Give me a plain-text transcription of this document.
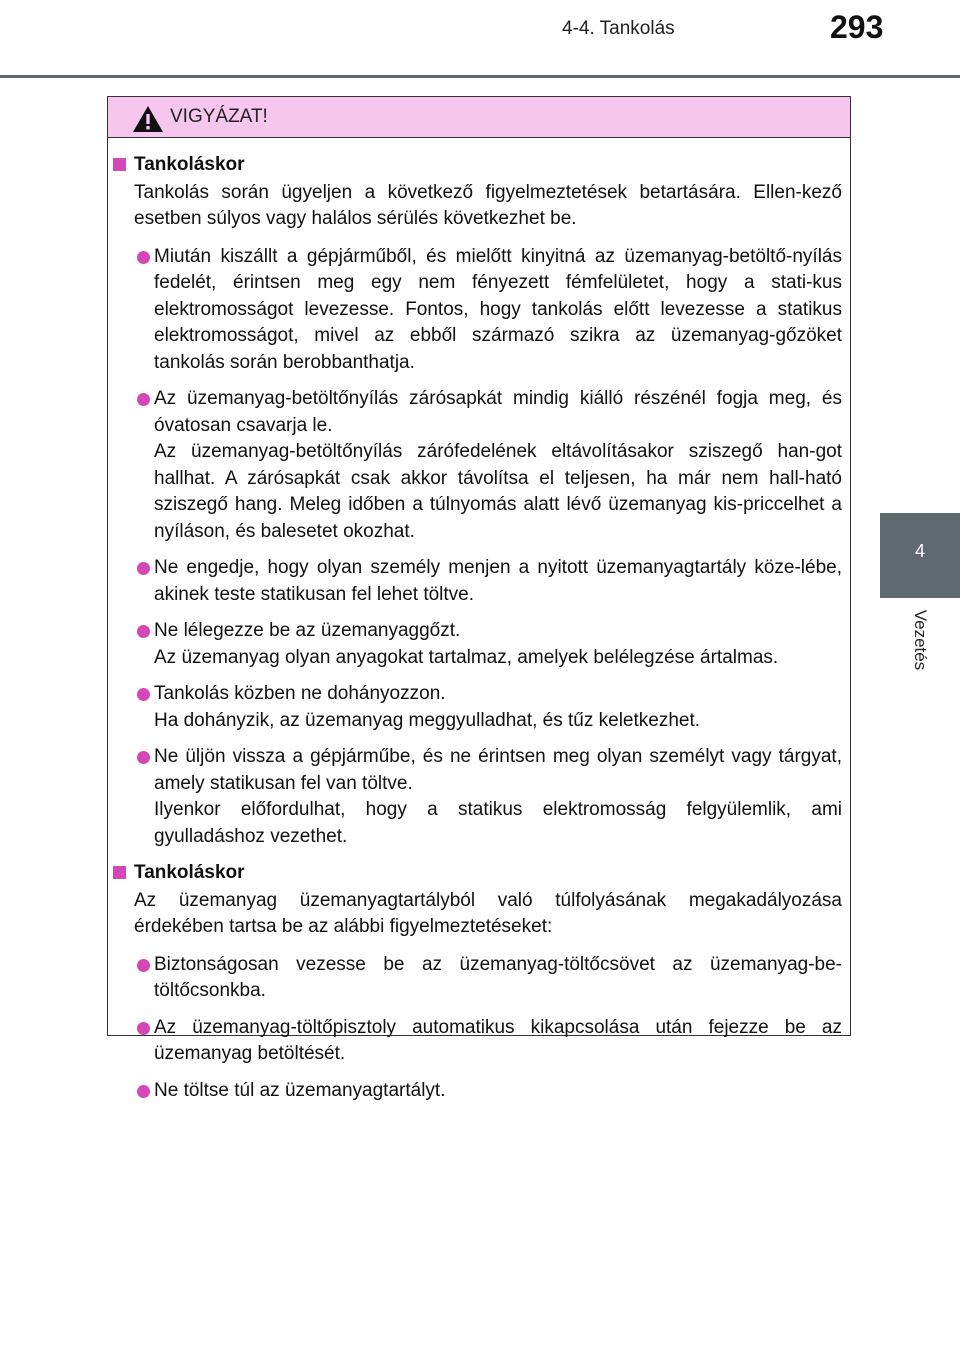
4-4. Tankolás	293
4
Vezetés
VIGYÁZAT!
Tankoláskor
Tankolás során ügyeljen a következő figyelmeztetések betartására. Ellen-kező esetben súlyos vagy halálos sérülés következhet be.

Miután kiszállt a gépjárműből, és mielőtt kinyitná az üzemanyag-betöltő-nyílás fedelét, érintsen meg egy nem fényezett fémfelületet, hogy a stati-kus elektromosságot levezesse. Fontos, hogy tankolás előtt levezesse a statikus elektromosságot, mivel az ebből származó szikra az üzemanyag-gőzöket tankolás során berobbanthatja.

Az üzemanyag-betöltőnyílás zárósapkát mindig kiálló részénél fogja meg, és óvatosan csavarja le.

Az üzemanyag-betöltőnyílás zárófedelének eltávolításakor sziszegő han-got hallhat. A zárósapkát csak akkor távolítsa el teljesen, ha már nem hall-ható sziszegő hang. Meleg időben a túlnyomás alatt lévő üzemanyag kis-priccelhet a nyíláson, és balesetet okozhat.

Ne engedje, hogy olyan személy menjen a nyitott üzemanyagtartály köze-lébe, akinek teste statikusan fel lehet töltve.

Ne lélegezze be az üzemanyaggőzt.

Az üzemanyag olyan anyagokat tartalmaz, amelyek belélegzése ártalmas.

Tankolás közben ne dohányozzon.

Ha dohányzik, az üzemanyag meggyulladhat, és tűz keletkezhet.

Ne üljön vissza a gépjárműbe, és ne érintsen meg olyan személyt vagy tárgyat, amely statikusan fel van töltve.

Ilyenkor előfordulhat, hogy a statikus elektromosság felgyülemlik, ami gyulladáshoz vezethet.

Tankoláskor
Az üzemanyag üzemanyagtartályból való túlfolyásának megakadályozása érdekében tartsa be az alábbi figyelmeztetéseket:

Biztonságosan vezesse be az üzemanyag-töltőcsövet az üzemanyag-be-töltőcsonkba.

Az üzemanyag-töltőpisztoly automatikus kikapcsolása után fejezze be az üzemanyag betöltését.

Ne töltse túl az üzemanyagtartályt.
